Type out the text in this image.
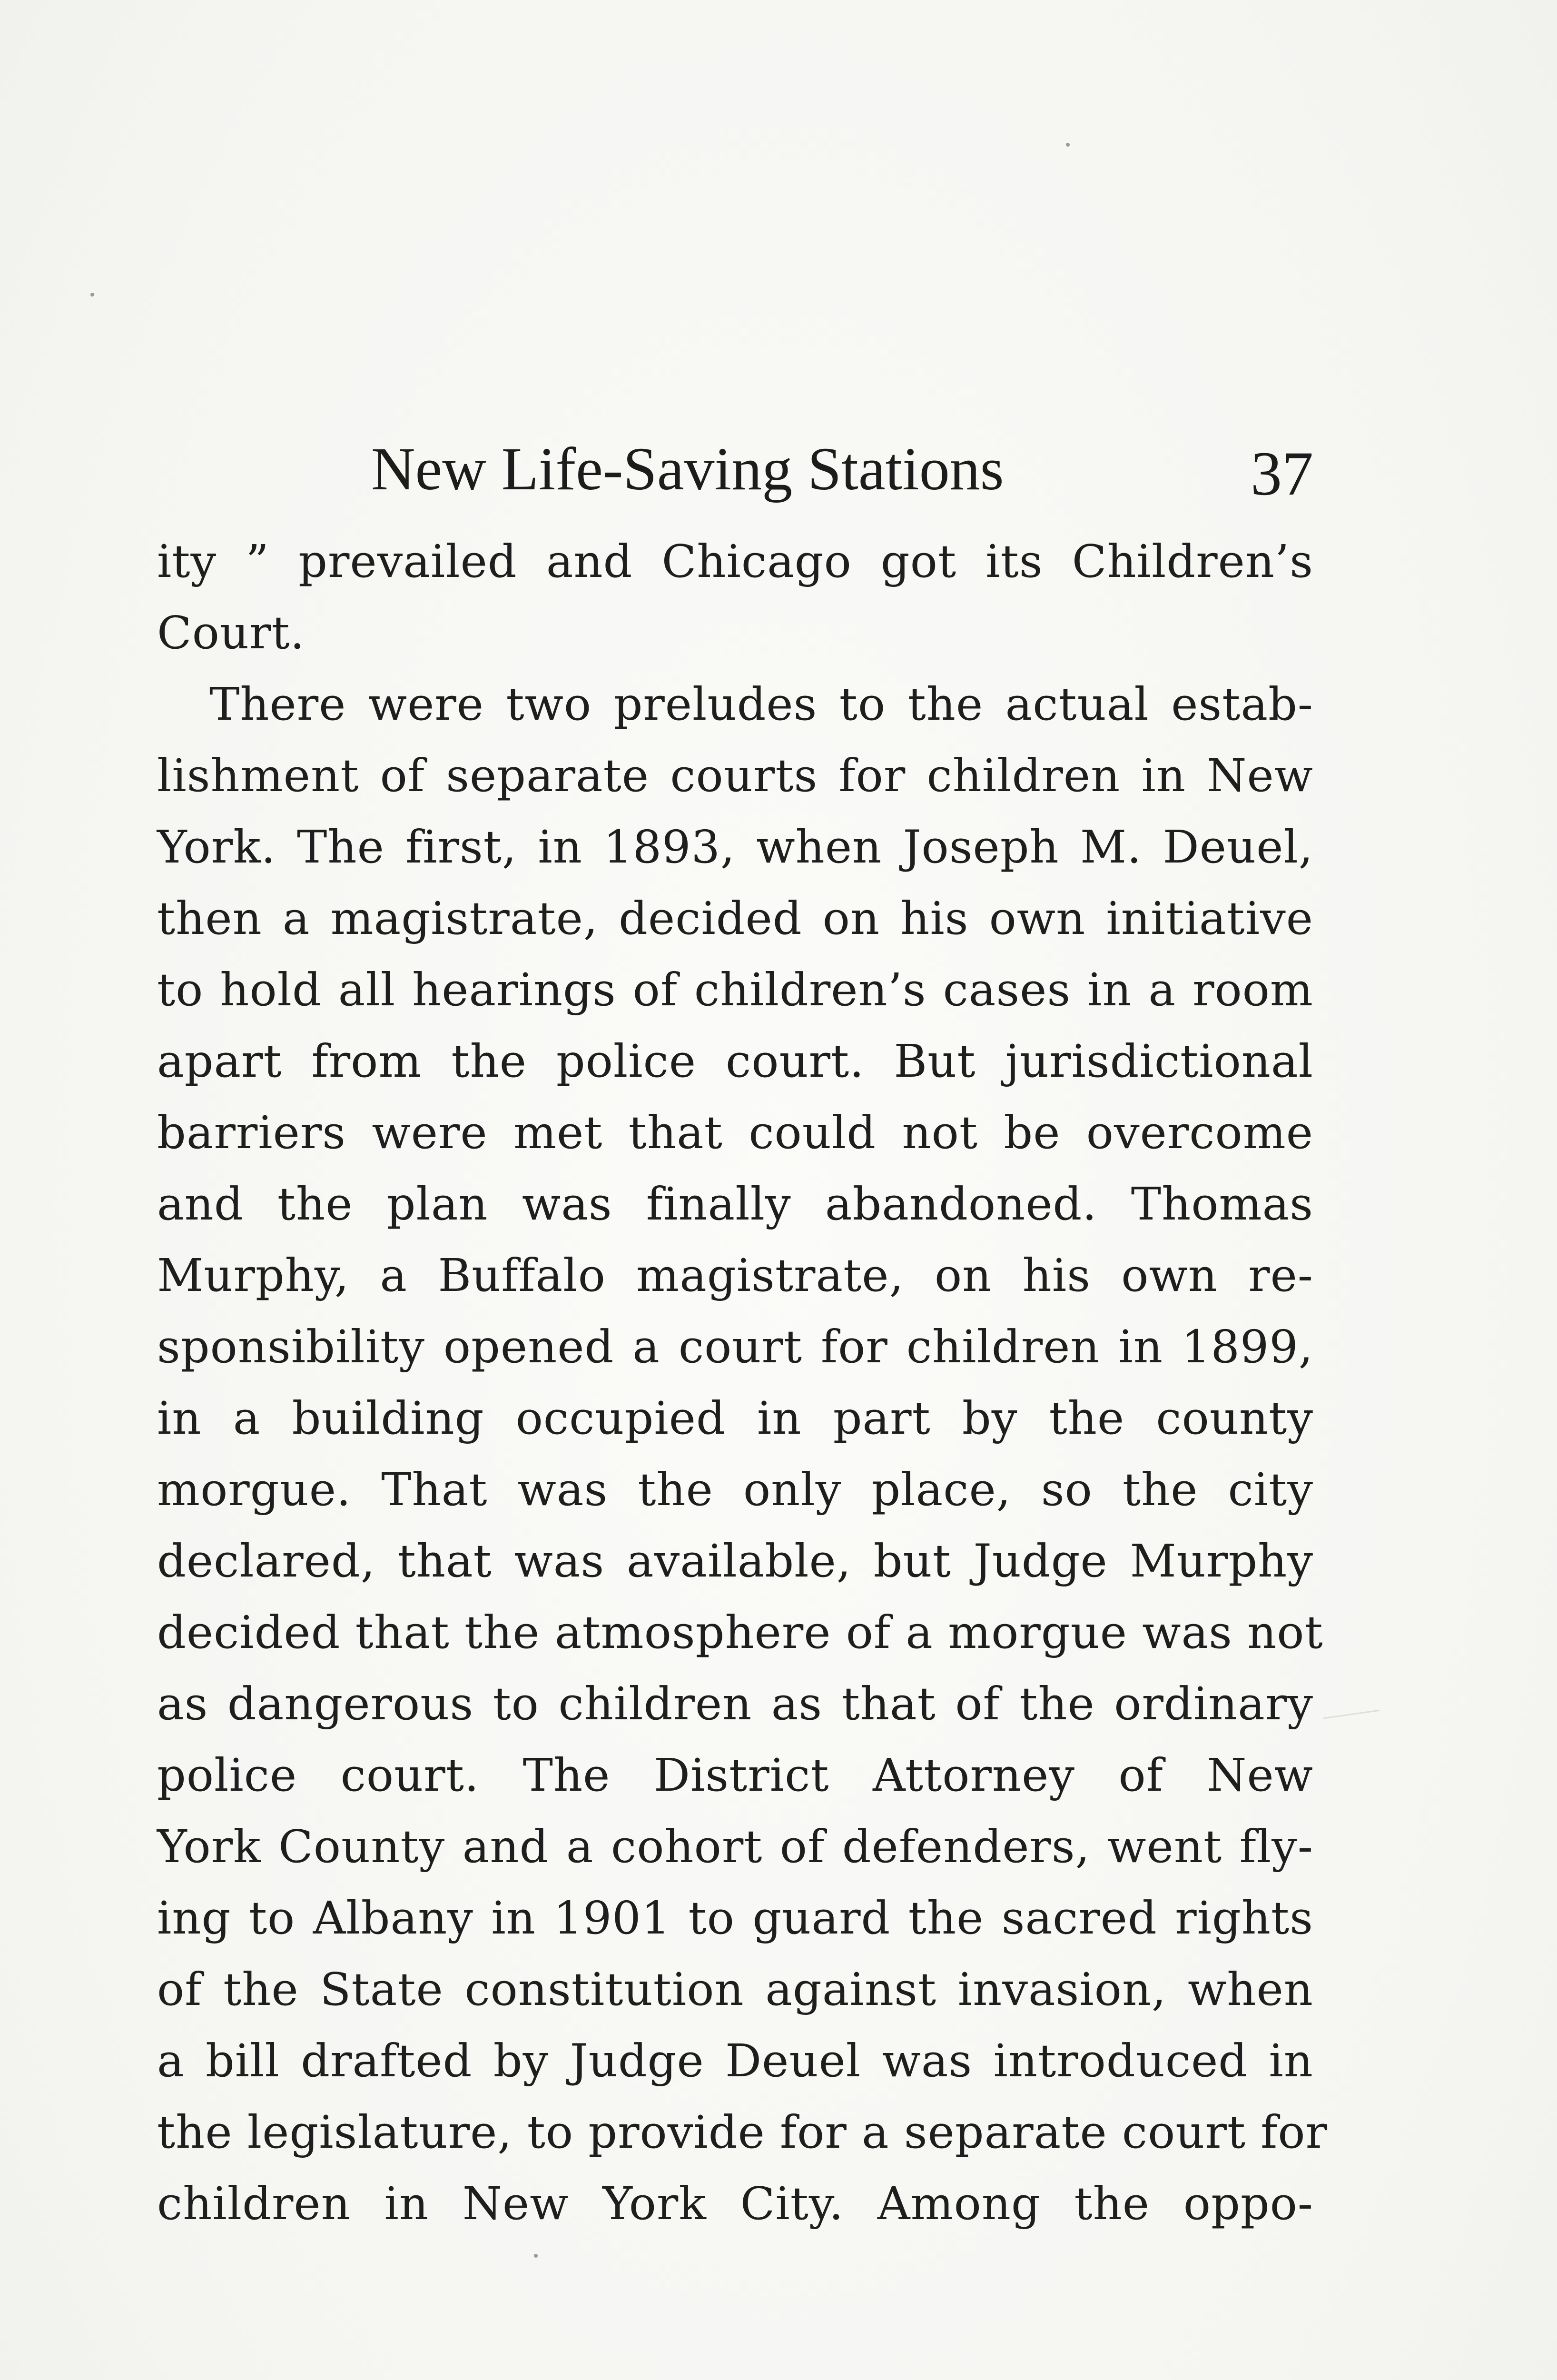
New Life-Saving Stations	37
ity ” prevailed and Chicago got its Children’s
Court.
There were two preludes to the actual estab-
lishment of separate courts for children in New
York. The first, in 1893, when Joseph M. Deuel,
then a magistrate, decided on his own initiative
to hold all hearings of children’s cases in a room
apart from the police court. But jurisdictional
barriers were met that could not be overcome
and the plan was finally abandoned. Thomas
Murphy, a Buffalo magistrate, on his own re-
sponsibility opened a court for children in 1899,
in a building occupied in part by the county
morgue. That was the only place, so the city
declared, that was available, but Judge Murphy
decided that the atmosphere of a morgue was not
as dangerous to children as that of the ordinary
police court. The District Attorney of New
York County and a cohort of defenders, went fly-
ing to Albany in 1901 to guard the sacred rights
of the State constitution against invasion, when
a bill drafted by Judge Deuel was introduced in
the legislature, to provide for a separate court for
children in New York City. Among the oppo-
